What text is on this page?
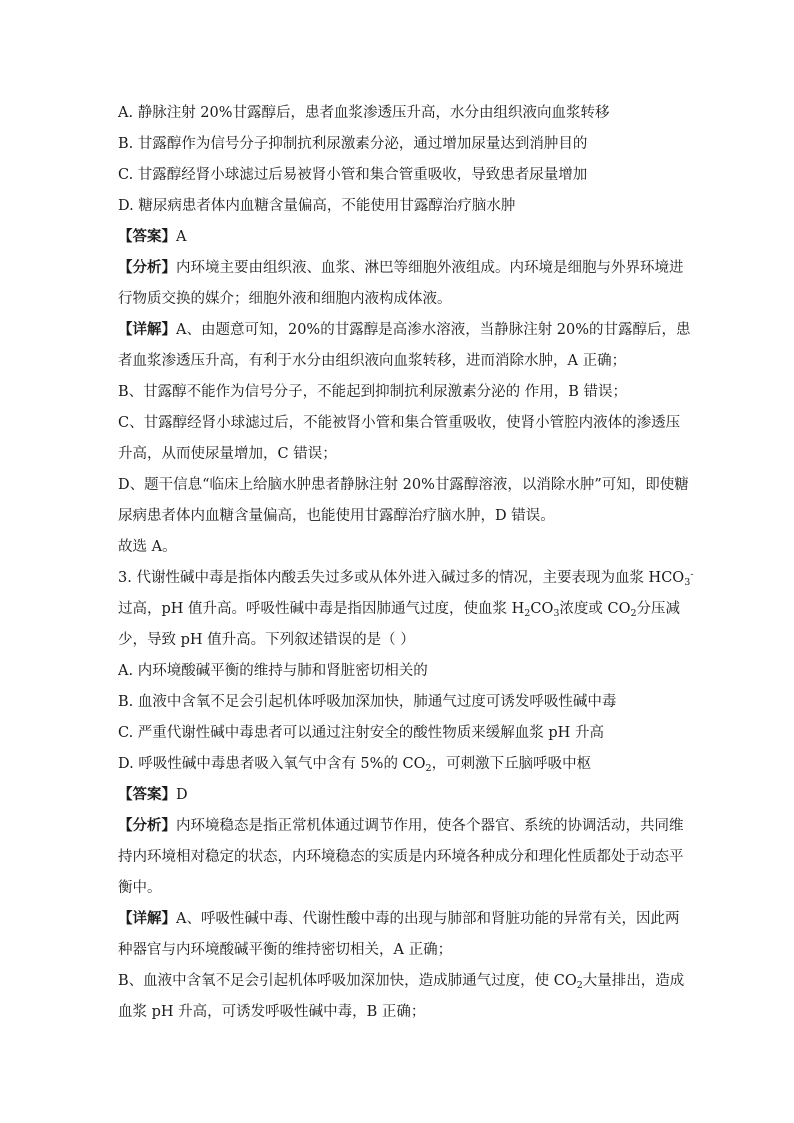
A. 静脉注射 20%甘露醇后，患者血浆渗透压升高，水分由组织液向血浆转移
B. 甘露醇作为信号分子抑制抗利尿激素分泌，通过增加尿量达到消肿目的
C. 甘露醇经肾小球滤过后易被肾小管和集合管重吸收，导致患者尿量增加
D. 糖尿病患者体内血糖含量偏高，不能使用甘露醇治疗脑水肿
【答案】A
【分析】内环境主要由组织液、血浆、淋巴等细胞外液组成。内环境是细胞与外界环境进
行物质交换的媒介；细胞外液和细胞内液构成体液。
【详解】A、由题意可知，20%的甘露醇是高渗水溶液，当静脉注射 20%的甘露醇后，患
者血浆渗透压升高，有利于水分由组织液向血浆转移，进而消除水肿，A 正确；
B、甘露醇不能作为信号分子，不能起到抑制抗利尿激素分泌的 作用，B 错误；
C、甘露醇经肾小球滤过后，不能被肾小管和集合管重吸收，使肾小管腔内液体的渗透压
升高，从而使尿量增加，C 错误；
D、题干信息“临床上给脑水肿患者静脉注射 20%甘露醇溶液，以消除水肿”可知，即使糖
尿病患者体内血糖含量偏高，也能使用甘露醇治疗脑水肿，D 错误。
故选 A。
3. 代谢性碱中毒是指体内酸丢失过多或从体外进入碱过多的情况，主要表现为血浆 $HCO_3^-$
过高，pH 值升高。呼吸性碱中毒是指因肺通气过度，使血浆 $H_2CO_3$浓度或 $CO_2$分压减
少，导致 pH 值升高。下列叙述错误的是（ ）
A. 内环境酸碱平衡的维持与肺和肾脏密切相关的
B. 血液中含氧不足会引起机体呼吸加深加快，肺通气过度可诱发呼吸性碱中毒
C. 严重代谢性碱中毒患者可以通过注射安全的酸性物质来缓解血浆 pH 升高
D. 呼吸性碱中毒患者吸入氧气中含有 5%的 $CO_2$，可刺激下丘脑呼吸中枢
【答案】D
【分析】内环境稳态是指正常机体通过调节作用，使各个器官、系统的协调活动，共同维
持内环境相对稳定的状态，内环境稳态的实质是内环境各种成分和理化性质都处于动态平
衡中。
【详解】A、呼吸性碱中毒、代谢性酸中毒的出现与肺部和肾脏功能的异常有关，因此两
种器官与内环境酸碱平衡的维持密切相关，A 正确；
B、血液中含氧不足会引起机体呼吸加深加快，造成肺通气过度，使 $CO_2$大量排出，造成
血浆 pH 升高，可诱发呼吸性碱中毒，B 正确；
